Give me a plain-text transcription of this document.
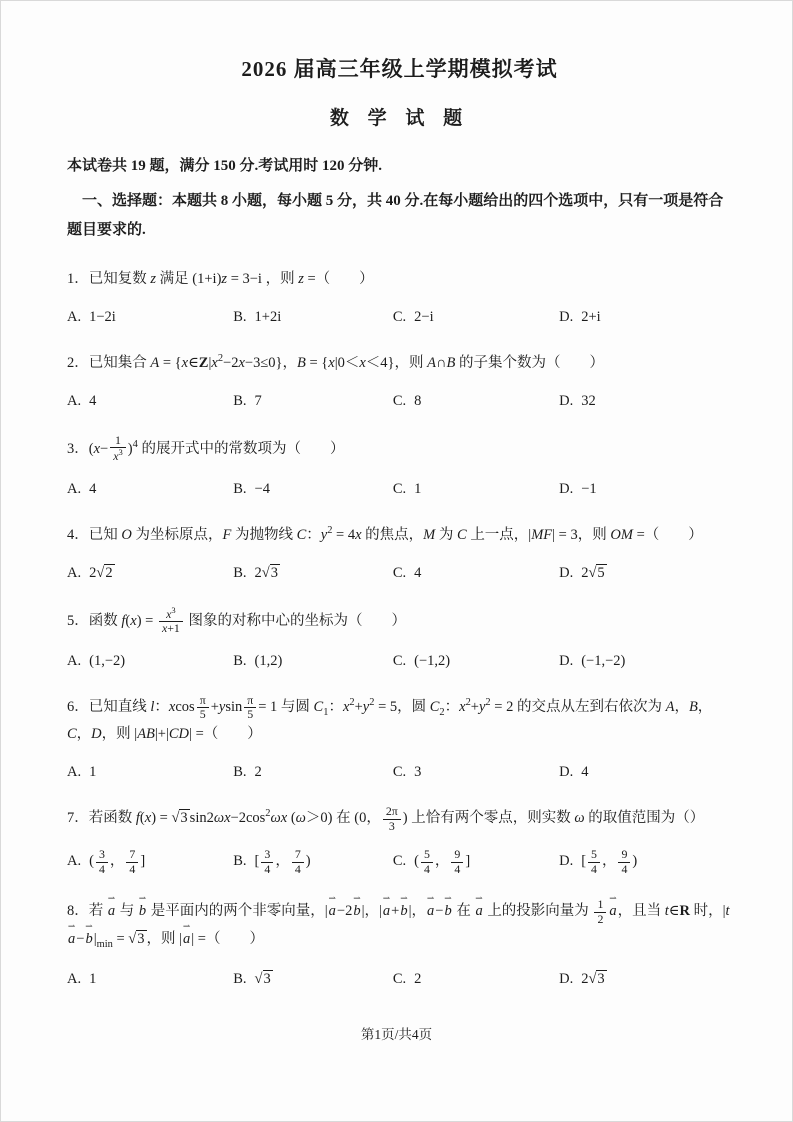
2026 届高三年级上学期模拟考试
数 学 试 题

本试卷共 19 题，满分 150 分.考试用时 120 分钟.

一、选择题：本题共 8 小题，每小题 5 分，共 40 分.在每小题给出的四个选项中，只有一项是符合题目要求的.

1．已知复数 z 满足 (1+i)z = 3−i ，则 z =（　　）

A. 1−2i	B. 1+2i	C. 2−i	D. 2+i

2．已知集合 $A = \{x\in Z|x^2-2x-3\le 0\}$，B = {x|0＜x＜4}，则 A∩B 的子集个数为（　　）

A. 4	B. 7	C. 8	D. 32

3．$(x- \frac{1}{x^3} )^4$ 的展开式中的常数项为（　　）

A. 4	B. −4	C. 1	D. −1

4．已知 O 为坐标原点，F 为抛物线 C：$y^2 = 4x$ 的焦点，M 为 C 上一点，|MF| = 3，则 OM =（　　）

A. 2√2	B. 2√3	C. 4	D. 2√5

5．函数 $f(x) = \frac{x^3}{x+1}$ 图象的对称中心的坐标为（　　）

A. (1,−2)	B. (1,2)	C. (−1,2)	D. (−1,−2)

6．已知直线 l：xcos $\frac{\pi}{5} +ysin \frac{\pi}{5} = 1$ 与圆 $C_1$：$x^2+y^2 = 5$，圆 $C_2$：$x^2+y^2 = 2$ 的交点从左到右依次为 A，B，C，D，则 |AB|+|CD| =（　　）

A. 1	B. 2	C. 3	D. 4

7．若函数 f(x) = √3 $\sin 2\omega x-2\cos^2\omega x$ (ω＞0) 在 (0， $\frac{2\pi}{3}$ ) 上恰有两个零点，则实数 ω 的取值范围为（）

A. ( $\frac{3}{4}$ ， $\frac{7}{4}$ ]	B. [ $\frac{3}{4}$ ， $\frac{7}{4}$ )	C. ( $\frac{5}{4}$ ， $\frac{9}{4}$ ]	D. [ $\frac{5}{4}$ ， $\frac{9}{4}$ )

8．若 a ⇀ 与 b ⇀ 是平面内的两个非零向量，|a ⇀−2b ⇀|，|a ⇀+b ⇀|，a ⇀−b ⇀ 在 a ⇀ 上的投影向量为 $\frac{1}{2}$ a ⇀，且当 t∈R 时，|ta ⇀−b $⇀|_{min} = √3$ ，则 |a ⇀| =（　　）

A. 1	B. √3	C. 2	D. 2√3
第1页/共4页
